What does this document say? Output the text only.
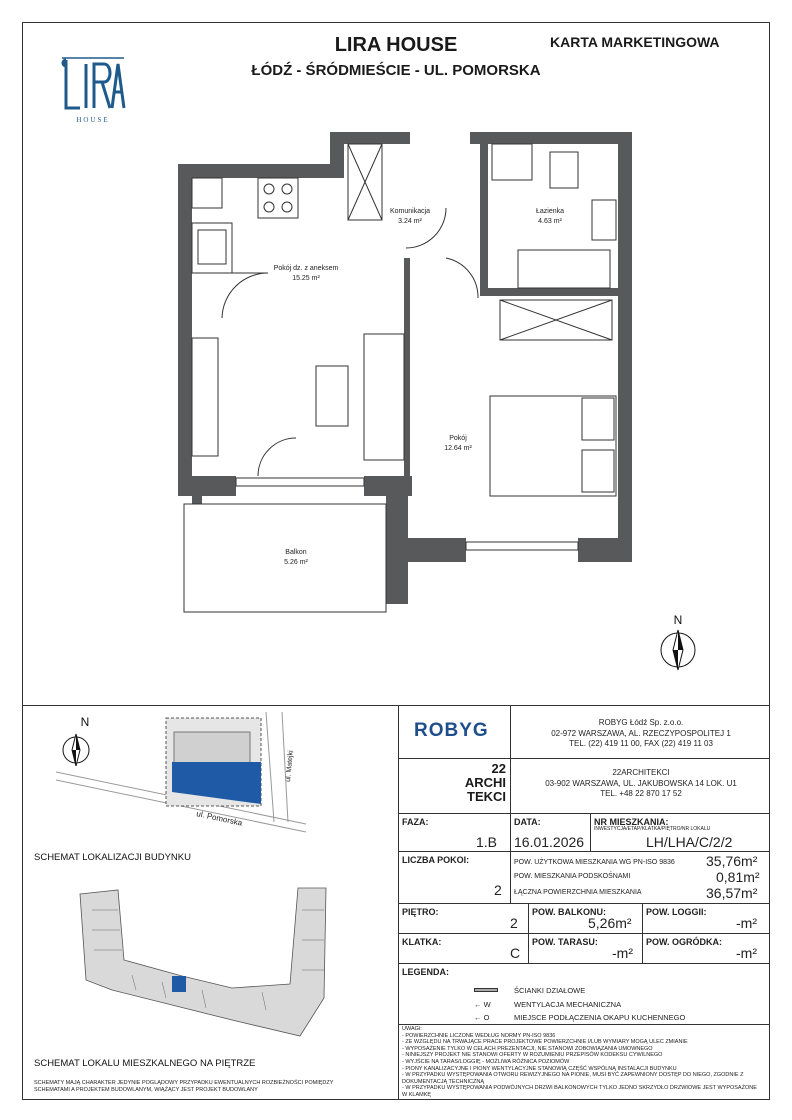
LIRA HOUSE
ŁÓDŹ - ŚRÓDMIEŚCIE - UL. POMORSKA
KARTA MARKETINGOWA
HOUSE
Komunikacja
3.24 m²
Łazienka
4.63 m²
Pokój dz. z aneksem
15.25 m²
Pokój
12.64 m²
Balkon
5.26 m²
N
N
ul. Pomorska
ul. Matejki
SCHEMAT LOKALIZACJI BUDYNKU
SCHEMAT LOKALU MIESZKALNEGO NA PIĘTRZE
SCHEMATY MAJĄ CHARAKTER JEDYNIE POGLĄDOWY PRZYPADKU EWENTUALNYCH ROZBIEŻNOŚCI POMIĘDZY SCHEMATAMI A PROJEKTEM BUDOWLANYM, WIĄŻĄCY JEST PROJEKT BUDOWLANY
ROBYG	ROBYG Łódź Sp. z.o.o.
02-972 WARSZAWA, AL. RZECZYPOSPOLITEJ 1
TEL. (22) 419 11 00, FAX (22) 419 11 03
22
ARCHI
TEKCI
22ARCHITEKCI
03-902 WARSZAWA, UL. JAKUBOWSKA 14 LOK. U1
TEL. +48 22 870 17 52
FAZA:
1.B
DATA:
16.01.2026
NR MIESZKANIA:
INWESTYCJA/ETAP/KLATKA/PIĘTRO/NR LOKALU
LH/LHA/C/2/2
LICZBA POKOI:
2
POW. UŻYTKOWA MIESZKANIA WG PN-ISO 9836 35,76m²
POW. MIESZKANIA PODSKOŚNAMI	0,81m²
ŁĄCZNA POWIERZCHNIA MIESZKANIA	36,57m²
PIĘTRO:
2
POW. BALKONU:
5,26m²
POW. LOGGII:
-m²
KLATKA:
C
POW. TARASU:
-m²
POW. OGRÓDKA:
-m²
LEGENDA:
ŚCIANKI DZIAŁOWE
← W	WENTYLACJA MECHANICZNA
← O	MIEJSCE PODŁĄCZENIA OKAPU KUCHENNEGO
UWAGI:
- POWIERZCHNIE LICZONE WEDŁUG NORMY PN-ISO 9836
- ZE WZGLĘDU NA TRWAJĄCE PRACE PROJEKTOWE POWIERZCHNIE I/LUB WYMIARY MOGĄ ULEC ZMIANIE
- WYPOSAŻENIE TYLKO W CELACH PREZENTACJI, NIE STANOWI ZOBOWIĄZANIA UMOWNEGO
- NINIEJSZY PROJEKT NIE STANOWI OFERTY W ROZUMIENIU PRZEPISÓW KODEKSU CYWILNEGO
- WYJŚCIE NA TARAS/LOGGIĘ - MOŻLIWA RÓŻNICA POZIOMÓW
- PIONY KANALIZACYJNE I PIONY WENTYLACYJNE STANOWIĄ CZĘŚĆ WSPÓLNĄ INSTALACJI BUDYNKU
- W PRZYPADKU WYSTĘPOWANIA OTWORU REWIZYJNEGO NA PIONIE, MUSI BYĆ ZAPEWNIONY DOSTĘP DO NIEGO, ZGODNIE Z DOKUMENTACJĄ TECHNICZNĄ
- W PRZYPADKU WYSTĘPOWANIA PODWÓJNYCH DRZWI BALKONOWYCH TYLKO JEDNO SKRZYDŁO DRZWIOWE JEST WYPOSAŻONE W KLAMKĘ
